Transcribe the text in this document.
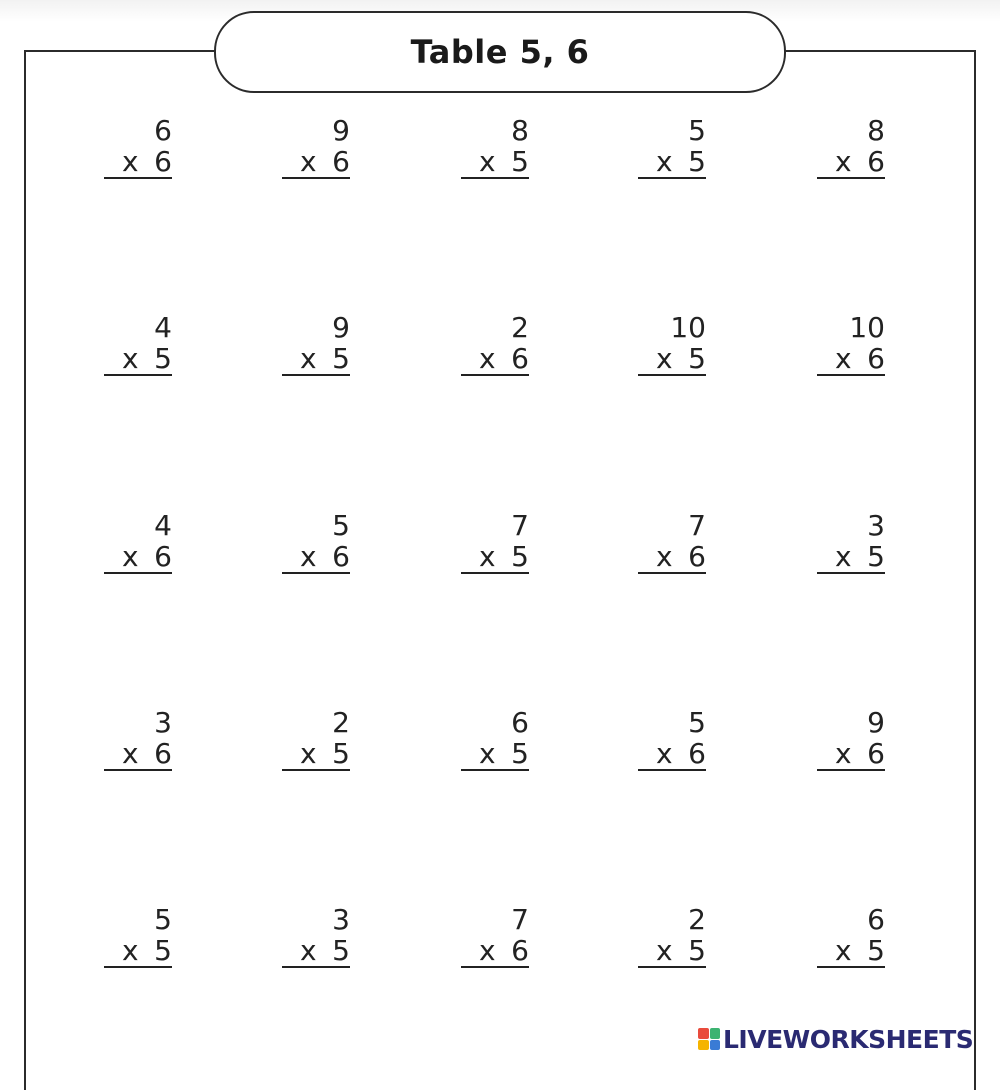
Table 5, 6
6
x 6
9
x 6
8
x 5
5
x 5
8
x 6
4
x 5
9
x 5
2
x 6
10
x 5
10
x 6
4
x 6
5
x 6
7
x 5
7
x 6
3
x 5
3
x 6
2
x 5
6
x 5
5
x 6
9
x 6
5
x 5
3
x 5
7
x 6
2
x 5
6
x 5
LIVEWORKSHEETS
